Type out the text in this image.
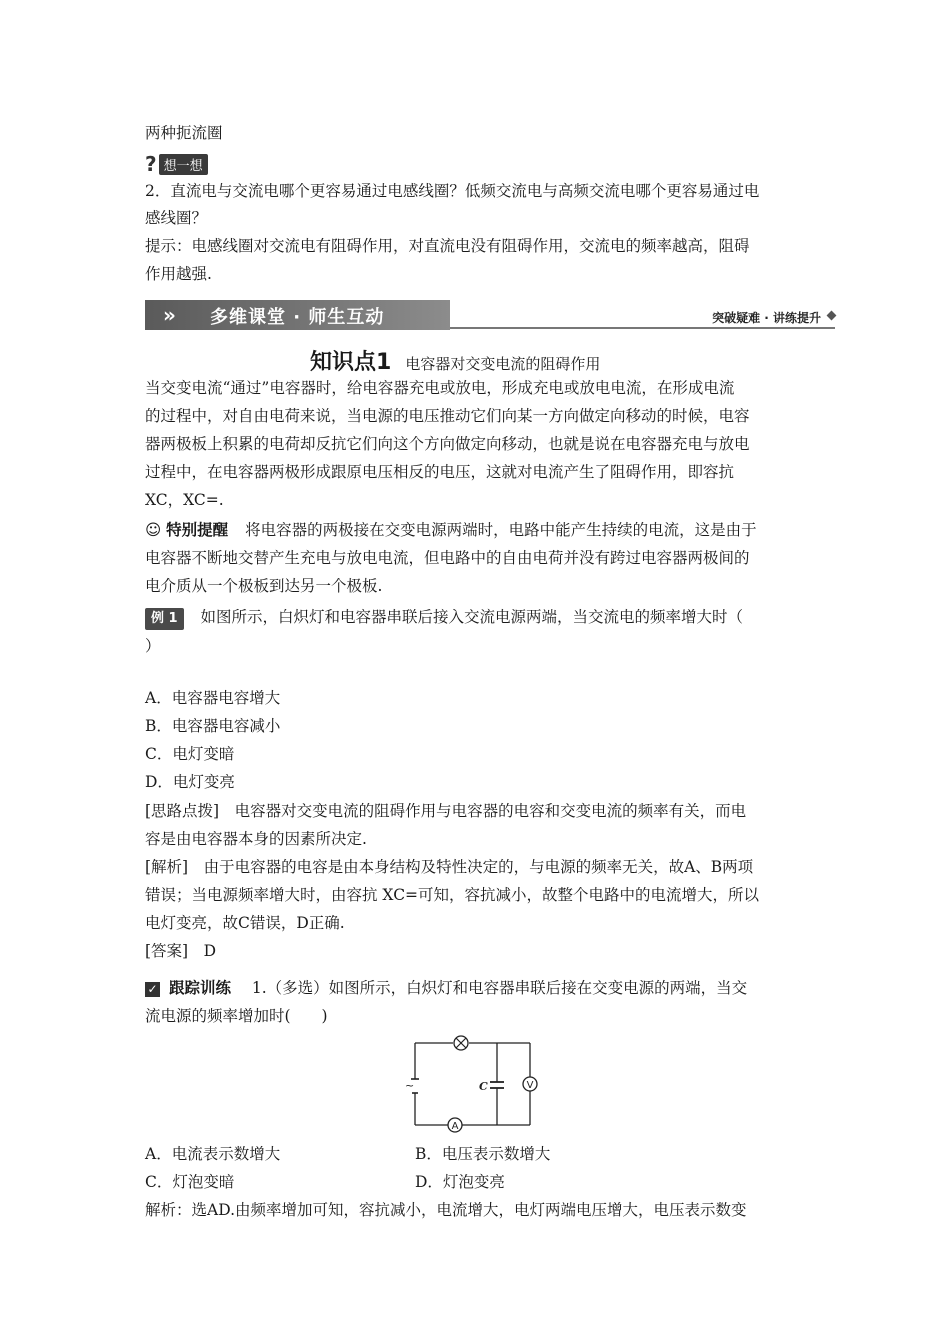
两种扼流圈
? 想一想
2．直流电与交流电哪个更容易通过电感线圈？低频交流电与高频交流电哪个更容易通过电
感线圈？
提示：电感线圈对交流电有阻碍作用，对直流电没有阻碍作用，交流电的频率越高，阻碍
作用越强.
» 多维课堂 · 师生互动	突破疑难 · 讲练提升
知识点1 电容器对交变电流的阻碍作用
当交变电流“通过”电容器时，给电容器充电或放电，形成充电或放电电流，在形成电流
的过程中，对自由电荷来说，当电源的电压推动它们向某一方向做定向移动的时候，电容
器两极板上积累的电荷却反抗它们向这个方向做定向移动，也就是说在电容器充电与放电
过程中，在电容器两极形成跟原电压相反的电压，这就对电流产生了阻碍作用，即容抗
XC，XC=.
☺ 特别提醒 将电容器的两极接在交变电源两端时，电路中能产生持续的电流，这是由于
电容器不断地交替产生充电与放电电流，但电路中的自由电荷并没有跨过电容器两极间的
电介质从一个极板到达另一个极板.
例 1 如图所示，白炽灯和电容器串联后接入交流电源两端，当交流电的频率增大时（
）
A．电容器电容增大
B．电容器电容减小
C．电灯变暗
D．电灯变亮
[思路点拨]　电容器对交变电流的阻碍作用与电容器的电容和交变电流的频率有关，而电
容是由电容器本身的因素所决定.
[解析]　由于电容器的电容是由本身结构及特性决定的，与电源的频率无关，故A、B两项
错误；当电源频率增大时，由容抗 XC=可知，容抗减小，故整个电路中的电流增大，所以
电灯变亮，故C错误，D正确.
[答案]　D
✓ 跟踪训练 1.（多选）如图所示，白炽灯和电容器串联后接在交变电源的两端，当交
流电源的频率增加时(　　)
V
A
C
~
A．电流表示数增大	B．电压表示数增大
C．灯泡变暗	D．灯泡变亮
解析：选AD.由频率增加可知，容抗减小，电流增大，电灯两端电压增大，电压表示数变
